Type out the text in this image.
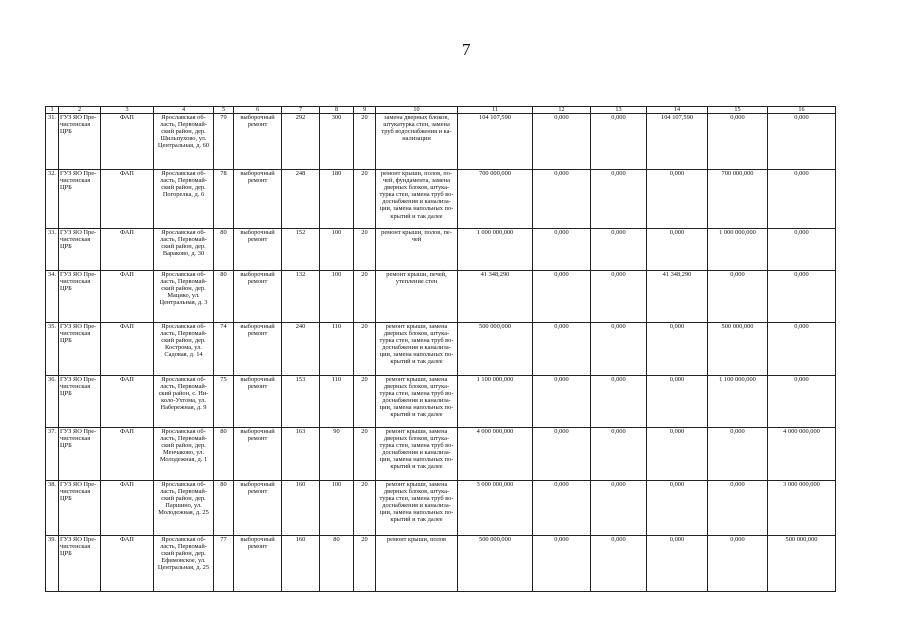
7
1	2	3	4	5	6	7	8	9	10	11	12	13	14	15	16
31.	ГУЗ ЯО Пре-чистенская ЦРБ	ФАП	Ярославская об-ласть, Первомай-ский район, дер. Шильпухово, ул. Центральная, д. 60	79	выборочный ремонт	292	300	20	замена дверных блоков, штукатурка стен, замена труб водоснабжения и ка-нализации	104 107,590	0,000	0,000	104 107,590	0,000	0,000
32.	ГУЗ ЯО Пре-чистенская ЦРБ	ФАП	Ярославская об-ласть, Первомай-ский район, дер. Погорелка, д. 6	78	выборочный ремонт	248	180	20	ремонт крыши, полов, по-чей, фундамента, замена дверных блоков, штука-турка стен, замена труб во-доснабжения и канализа-ции, замена напольных по-крытий и так далее	700 000,000	0,000	0,000	0,000	700 000,000	0,000
33.	ГУЗ ЯО Пре-чистенская ЦРБ	ФАП	Ярославская об-ласть, Первомай-ский район, дер. Вараково, д. 30	80	выборочный ремонт	152	100	20	ремонт крыши, полов, пе-чей	1 000 000,000	0,000	0,000	0,000	1 000 000,000	0,000
34.	ГУЗ ЯО Пре-чистенская ЦРБ	ФАП	Ярославская об-ласть, Первомай-ский район, дер. Мацико, ул. Центральная, д. 3	80	выборочный ремонт	132	100	20	ремонт крыши, печей, утепление стен	41 348,290	0,000	0,000	41 348,290	0,000	0,000
35.	ГУЗ ЯО Пре-чистенская ЦРБ	ФАП	Ярославская об-ласть, Первомай-ский район, дер. Кострома, ул. Садовая, д. 14	74	выборочный ремонт	240	110	20	ремонт крыши, замена дверных блоков, штука-турка стен, замена труб во-доснабжения и канализа-ции, замена напольных по-крытий и так далее	500 000,000	0,000	0,000	0,000	500 000,000	0,000
36.	ГУЗ ЯО Пре-чистенская ЦРБ	ФАП	Ярославская об-ласть, Первомай-ский район, с. Ни-коло-Ухтома, ул. Набережная, д. 9	75	выборочный ремонт	153	110	20	ремонт крыши, замена дверных блоков, штука-турка стен, замена труб во-доснабжения и канализа-ции, замена напольных по-крытий и так далее	1 100 000,000	0,000	0,000	0,000	1 100 000,000	0,000
37.	ГУЗ ЯО Пре-чистенская ЦРБ	ФАП	Ярославская об-ласть, Первомай-ский район, дер. Менчаково, ул. Молодежная, д. 1	80	выборочный ремонт	163	90	20	ремонт крыши, замена дверных блоков, штука-турка стен, замена труб во-доснабжения и канализа-ции, замена напольных по-крытий и так далее	4 000 000,000	0,000	0,000	0,000	0,000	4 000 000,000
38.	ГУЗ ЯО Пре-чистенская ЦРБ	ФАП	Ярославская об-ласть, Первомай-ский район, дер. Паршино, ул. Молодежная, д. 25	80	выборочный ремонт	160	100	20	ремонт крыши, замена дверных блоков, штука-турка стен, замена труб во-доснабжения и канализа-ции, замена напольных по-крытий и так далее	3 000 000,000	0,000	0,000	0,000	0,000	3 000 000,000
39.	ГУЗ ЯО Пре-чистенская ЦРБ	ФАП	Ярославская об-ласть, Первомай-ский район, дер. Ефимовское, ул. Центральная, д. 25	77	выборочный ремонт	160	80	20	ремонт крыши, полов	500 000,000	0,000	0,000	0,000	0,000	500 000,000
